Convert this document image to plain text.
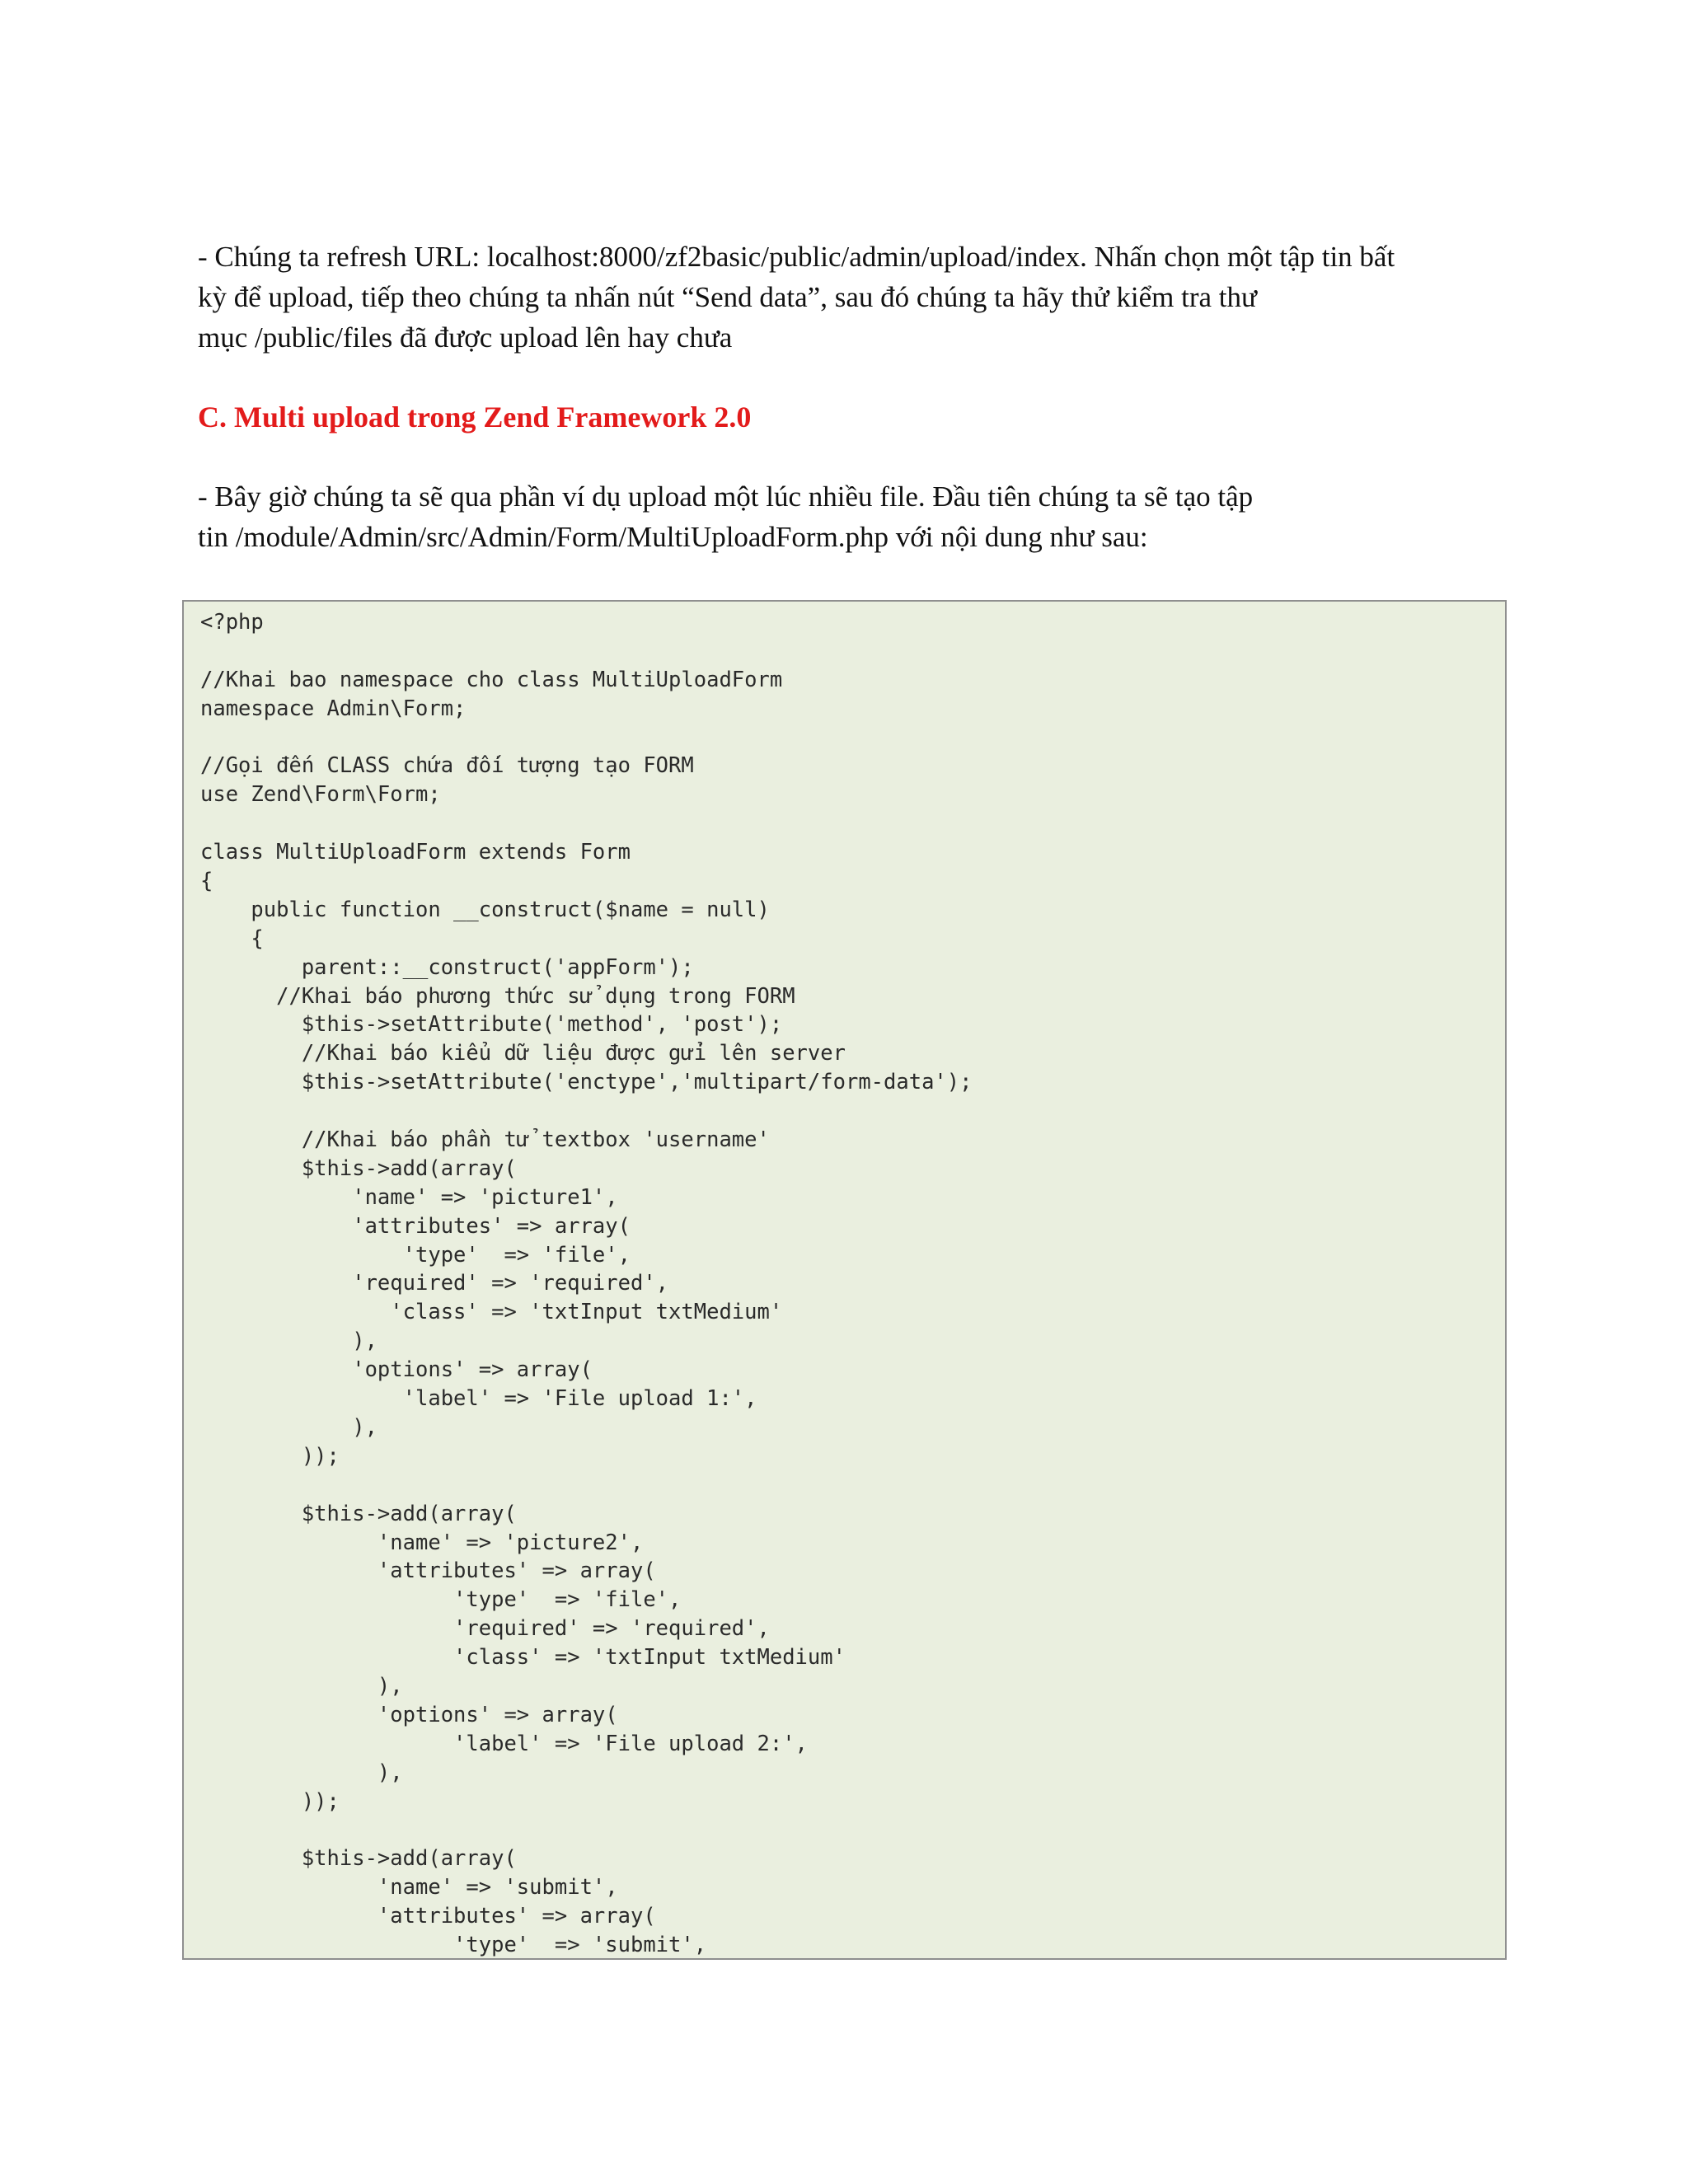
- Chúng ta refresh URL: localhost:8000/zf2basic/public/admin/upload/index. Nhấn chọn một tập tin bất
kỳ để upload, tiếp theo chúng ta nhấn nút “Send data”, sau đó chúng ta hãy thử kiểm tra thư
mục /public/files đã được upload lên hay chưa
C. Multi upload trong Zend Framework 2.0
- Bây giờ chúng ta sẽ qua phần ví dụ upload một lúc nhiều file. Đầu tiên chúng ta sẽ tạo tập
tin /module/Admin/src/Admin/Form/MultiUploadForm.php với nội dung như sau:
<?php
//Khai bao namespace cho class MultiUploadForm
namespace Admin\Form;
//Gọi đến CLASS chứa đối tượng tạo FORM
use Zend\Form\Form;
class MultiUploadForm extends Form
{
public function __construct($name = null)
{
parent::__construct('appForm');
//Khai báo phương thức sử dụng trong FORM
$this->setAttribute('method', 'post');
//Khai báo kiểu dữ liệu được gửi lên server
$this->setAttribute('enctype','multipart/form-data');
//Khai báo phần tử textbox 'username'
$this->add(array(
'name' => 'picture1',
'attributes' => array(
'type'  => 'file',
'required' => 'required',
'class' => 'txtInput txtMedium'
),
'options' => array(
'label' => 'File upload 1:',
),
));
$this->add(array(
'name' => 'picture2',
'attributes' => array(
'type'  => 'file',
'required' => 'required',
'class' => 'txtInput txtMedium'
),
'options' => array(
'label' => 'File upload 2:',
),
));
$this->add(array(
'name' => 'submit',
'attributes' => array(
'type'  => 'submit',
